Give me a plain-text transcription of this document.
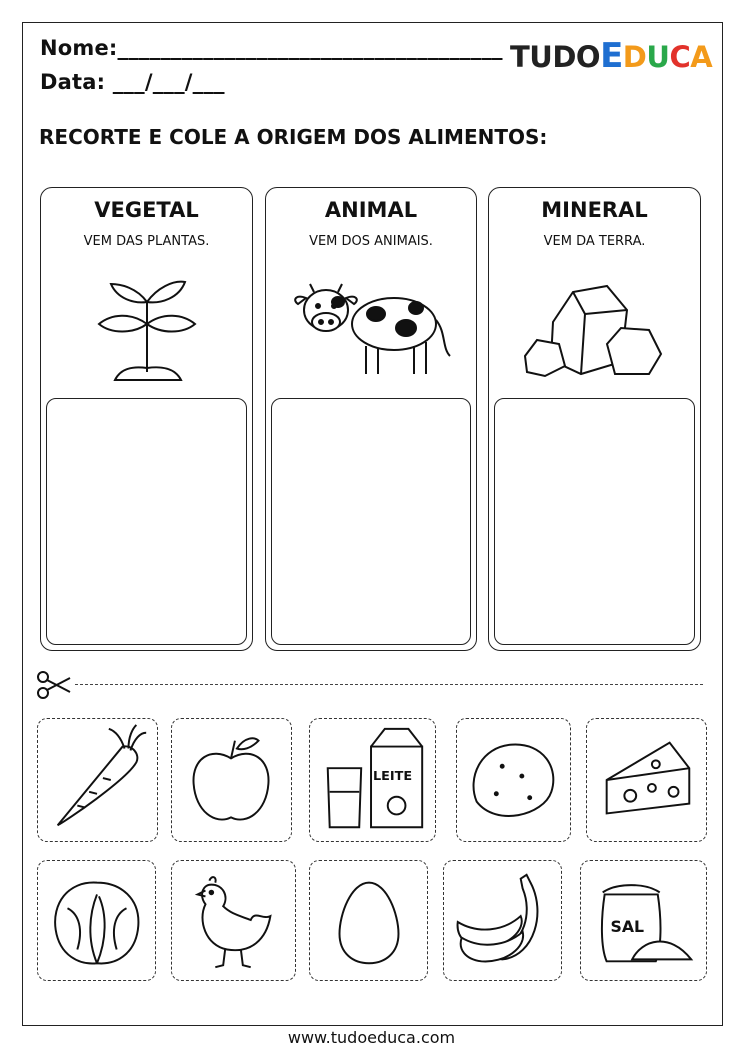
Nome:____________________________________
Data: ___/___/___
TUDOEDUCA
RECORTE E COLE A ORIGEM DOS ALIMENTOS:
VEGETAL
VEM DAS PLANTAS.
ANIMAL
VEM DOS ANIMAIS.
MINERAL
VEM DA TERRA.
LEITE
SAL
www.tudoeduca.com
